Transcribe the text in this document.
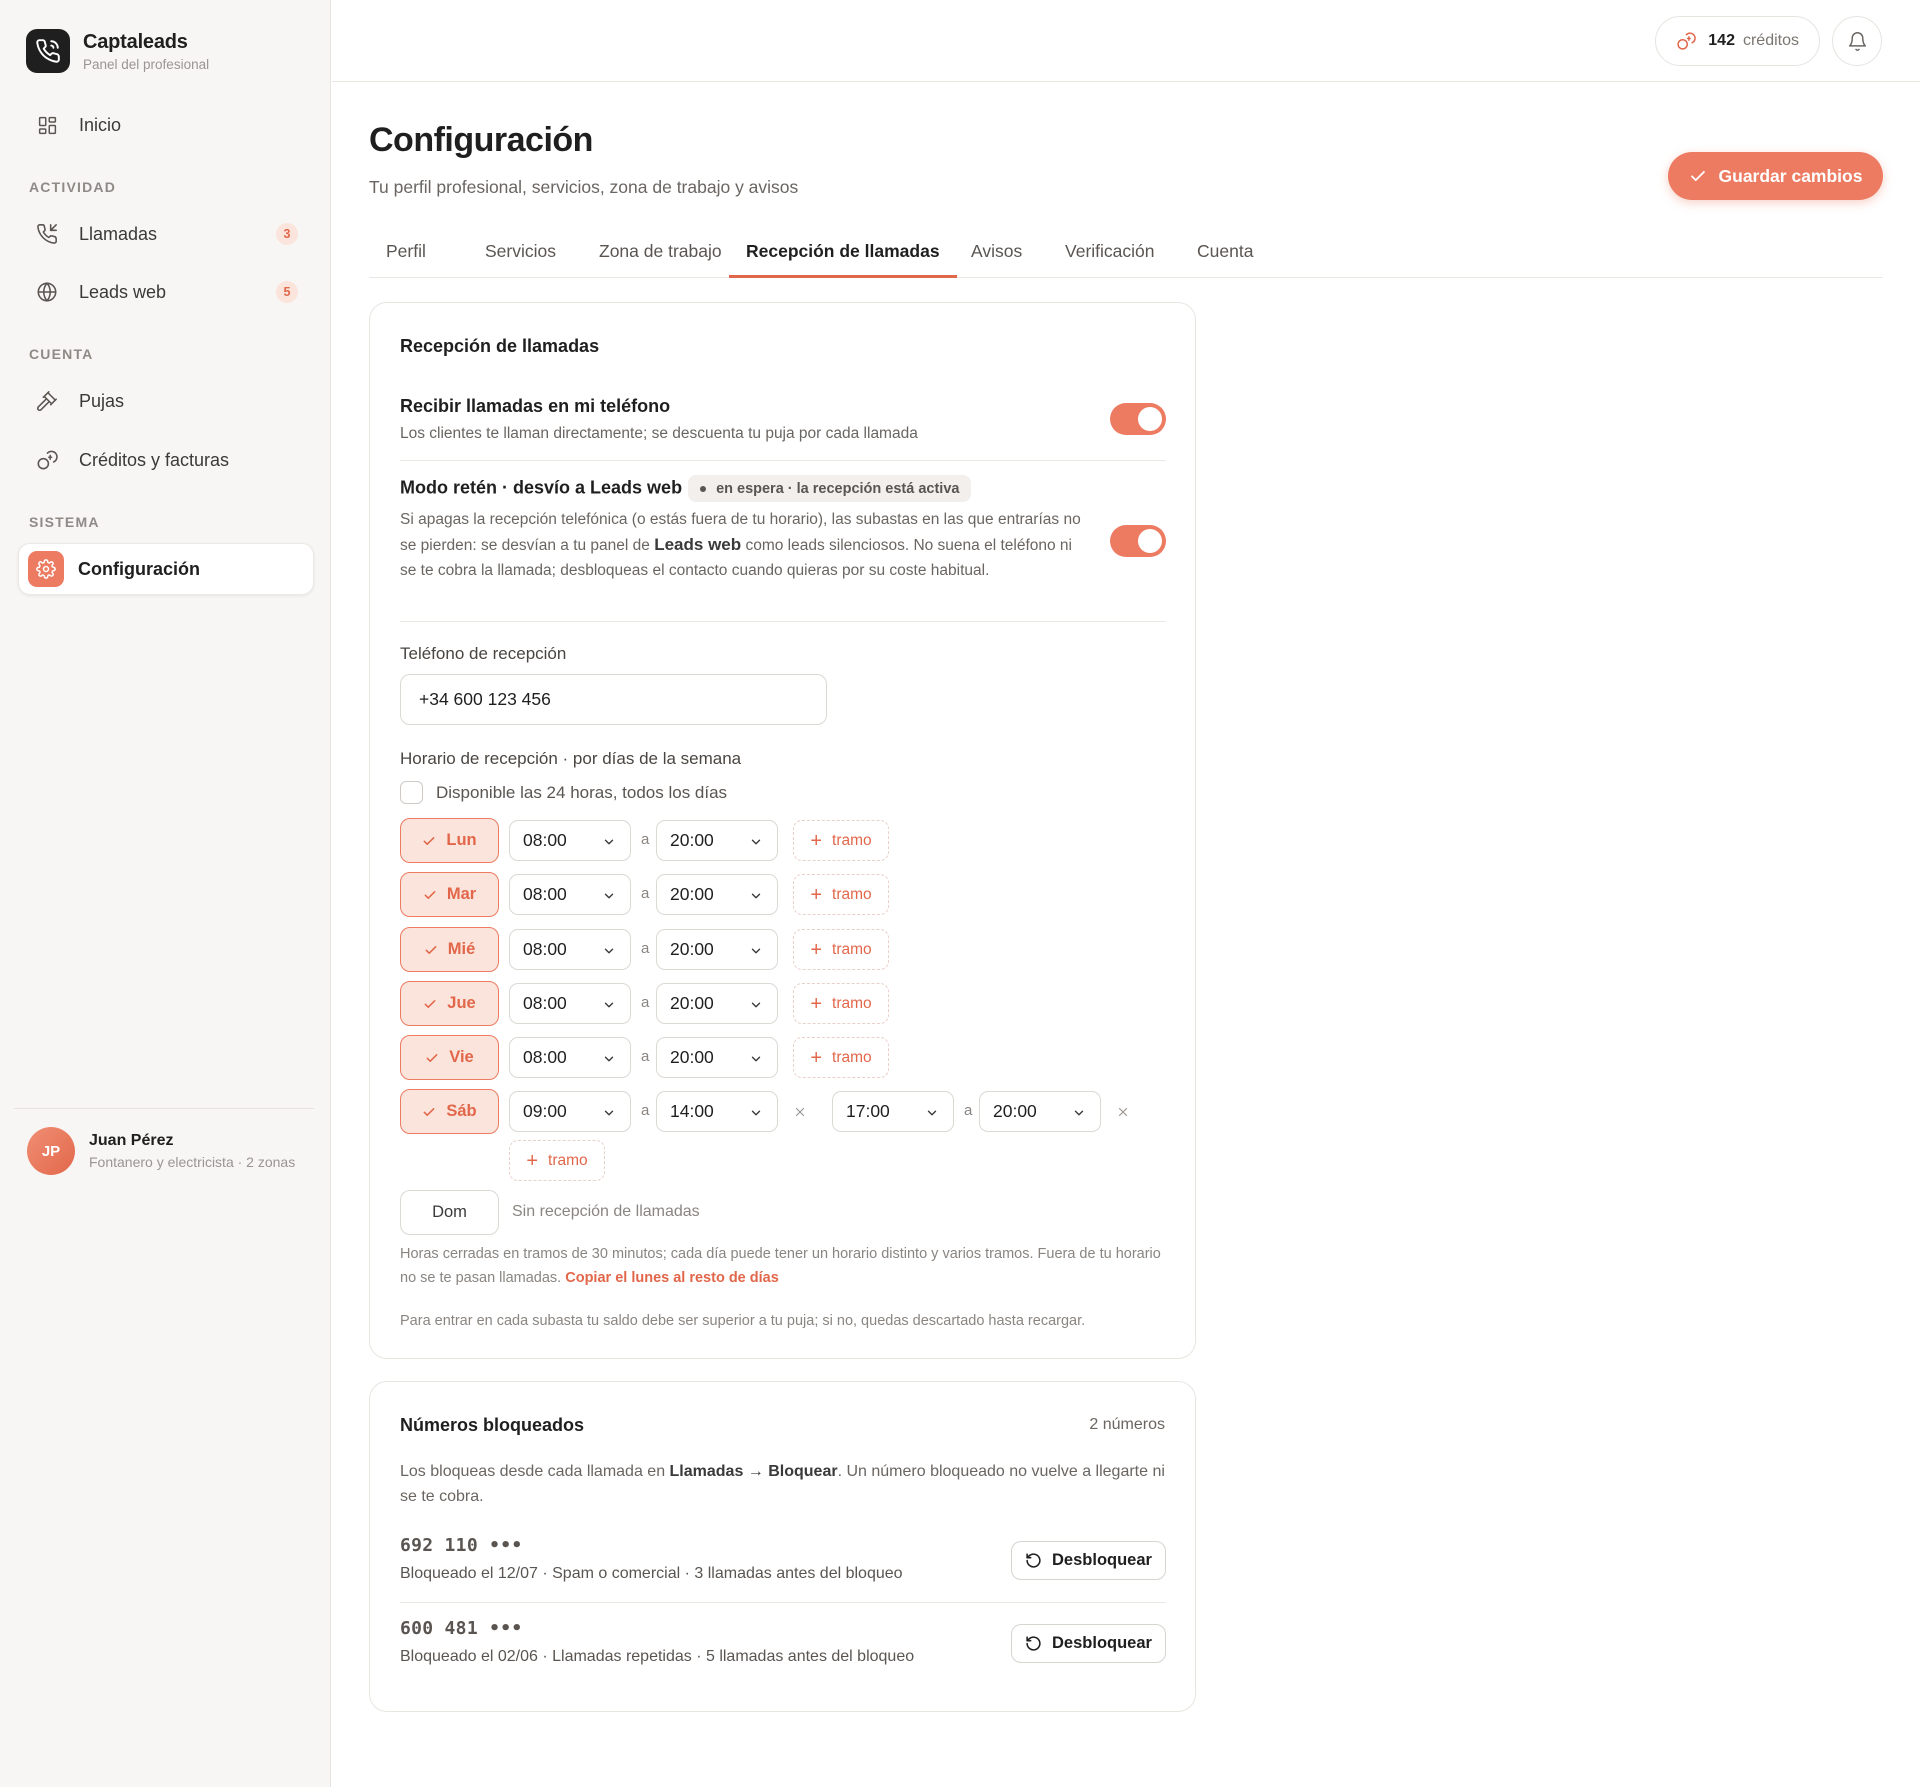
Captaleads
Panel del profesional
Inicio
ACTIVIDAD
Llamadas	3
Leads web	5
CUENTA
Pujas
Créditos y facturas
SISTEMA
Configuración
JP
Juan Pérez
Fontanero y electricista · 2 zonas
142 créditos
Configuración
Tu perfil profesional, servicios, zona de trabajo y avisos
Guardar cambios
Perfil	Servicios	Zona de trabajo	Recepción de llamadas	Avisos	Verificación	Cuenta
Recepción de llamadas
Recibir llamadas en mi teléfono
Los clientes te llaman directamente; se descuenta tu puja por cada llamada
Modo retén · desvío a Leads web en espera · la recepción está activa
Si apagas la recepción telefónica (o estás fuera de tu horario), las subastas en las que entrarías no se pierden: se desvían a tu panel de Leads web como leads silenciosos. No suena el teléfono ni se te cobra la llamada; desbloqueas el contacto cuando quieras por su coste habitual.
Teléfono de recepción
+34 600 123 456
Horario de recepción · por días de la semana
Disponible las 24 horas, todos los días
Lun	08:00	a 20:00	+ tramo
Mar	08:00	a 20:00	+ tramo
Mié	08:00	a 20:00	+ tramo
Jue	08:00	a 20:00	+ tramo
Vie	08:00	a 20:00	+ tramo
Sáb	09:00	a 14:00	17:00	a 20:00
+ tramo
Dom	Sin recepción de llamadas
Horas cerradas en tramos de 30 minutos; cada día puede tener un horario distinto y varios tramos. Fuera de tu horario no se te pasan llamadas. Copiar el lunes al resto de días
Para entrar en cada subasta tu saldo debe ser superior a tu puja; si no, quedas descartado hasta recargar.
Números bloqueados	2 números
Los bloqueas desde cada llamada en Llamadas → Bloquear. Un número bloqueado no vuelve a llegarte ni se te cobra.
692 110 •••
Bloqueado el 12/07 · Spam o comercial · 3 llamadas antes del bloqueo
Desbloquear
600 481 •••
Bloqueado el 02/06 · Llamadas repetidas · 5 llamadas antes del bloqueo
Desbloquear
